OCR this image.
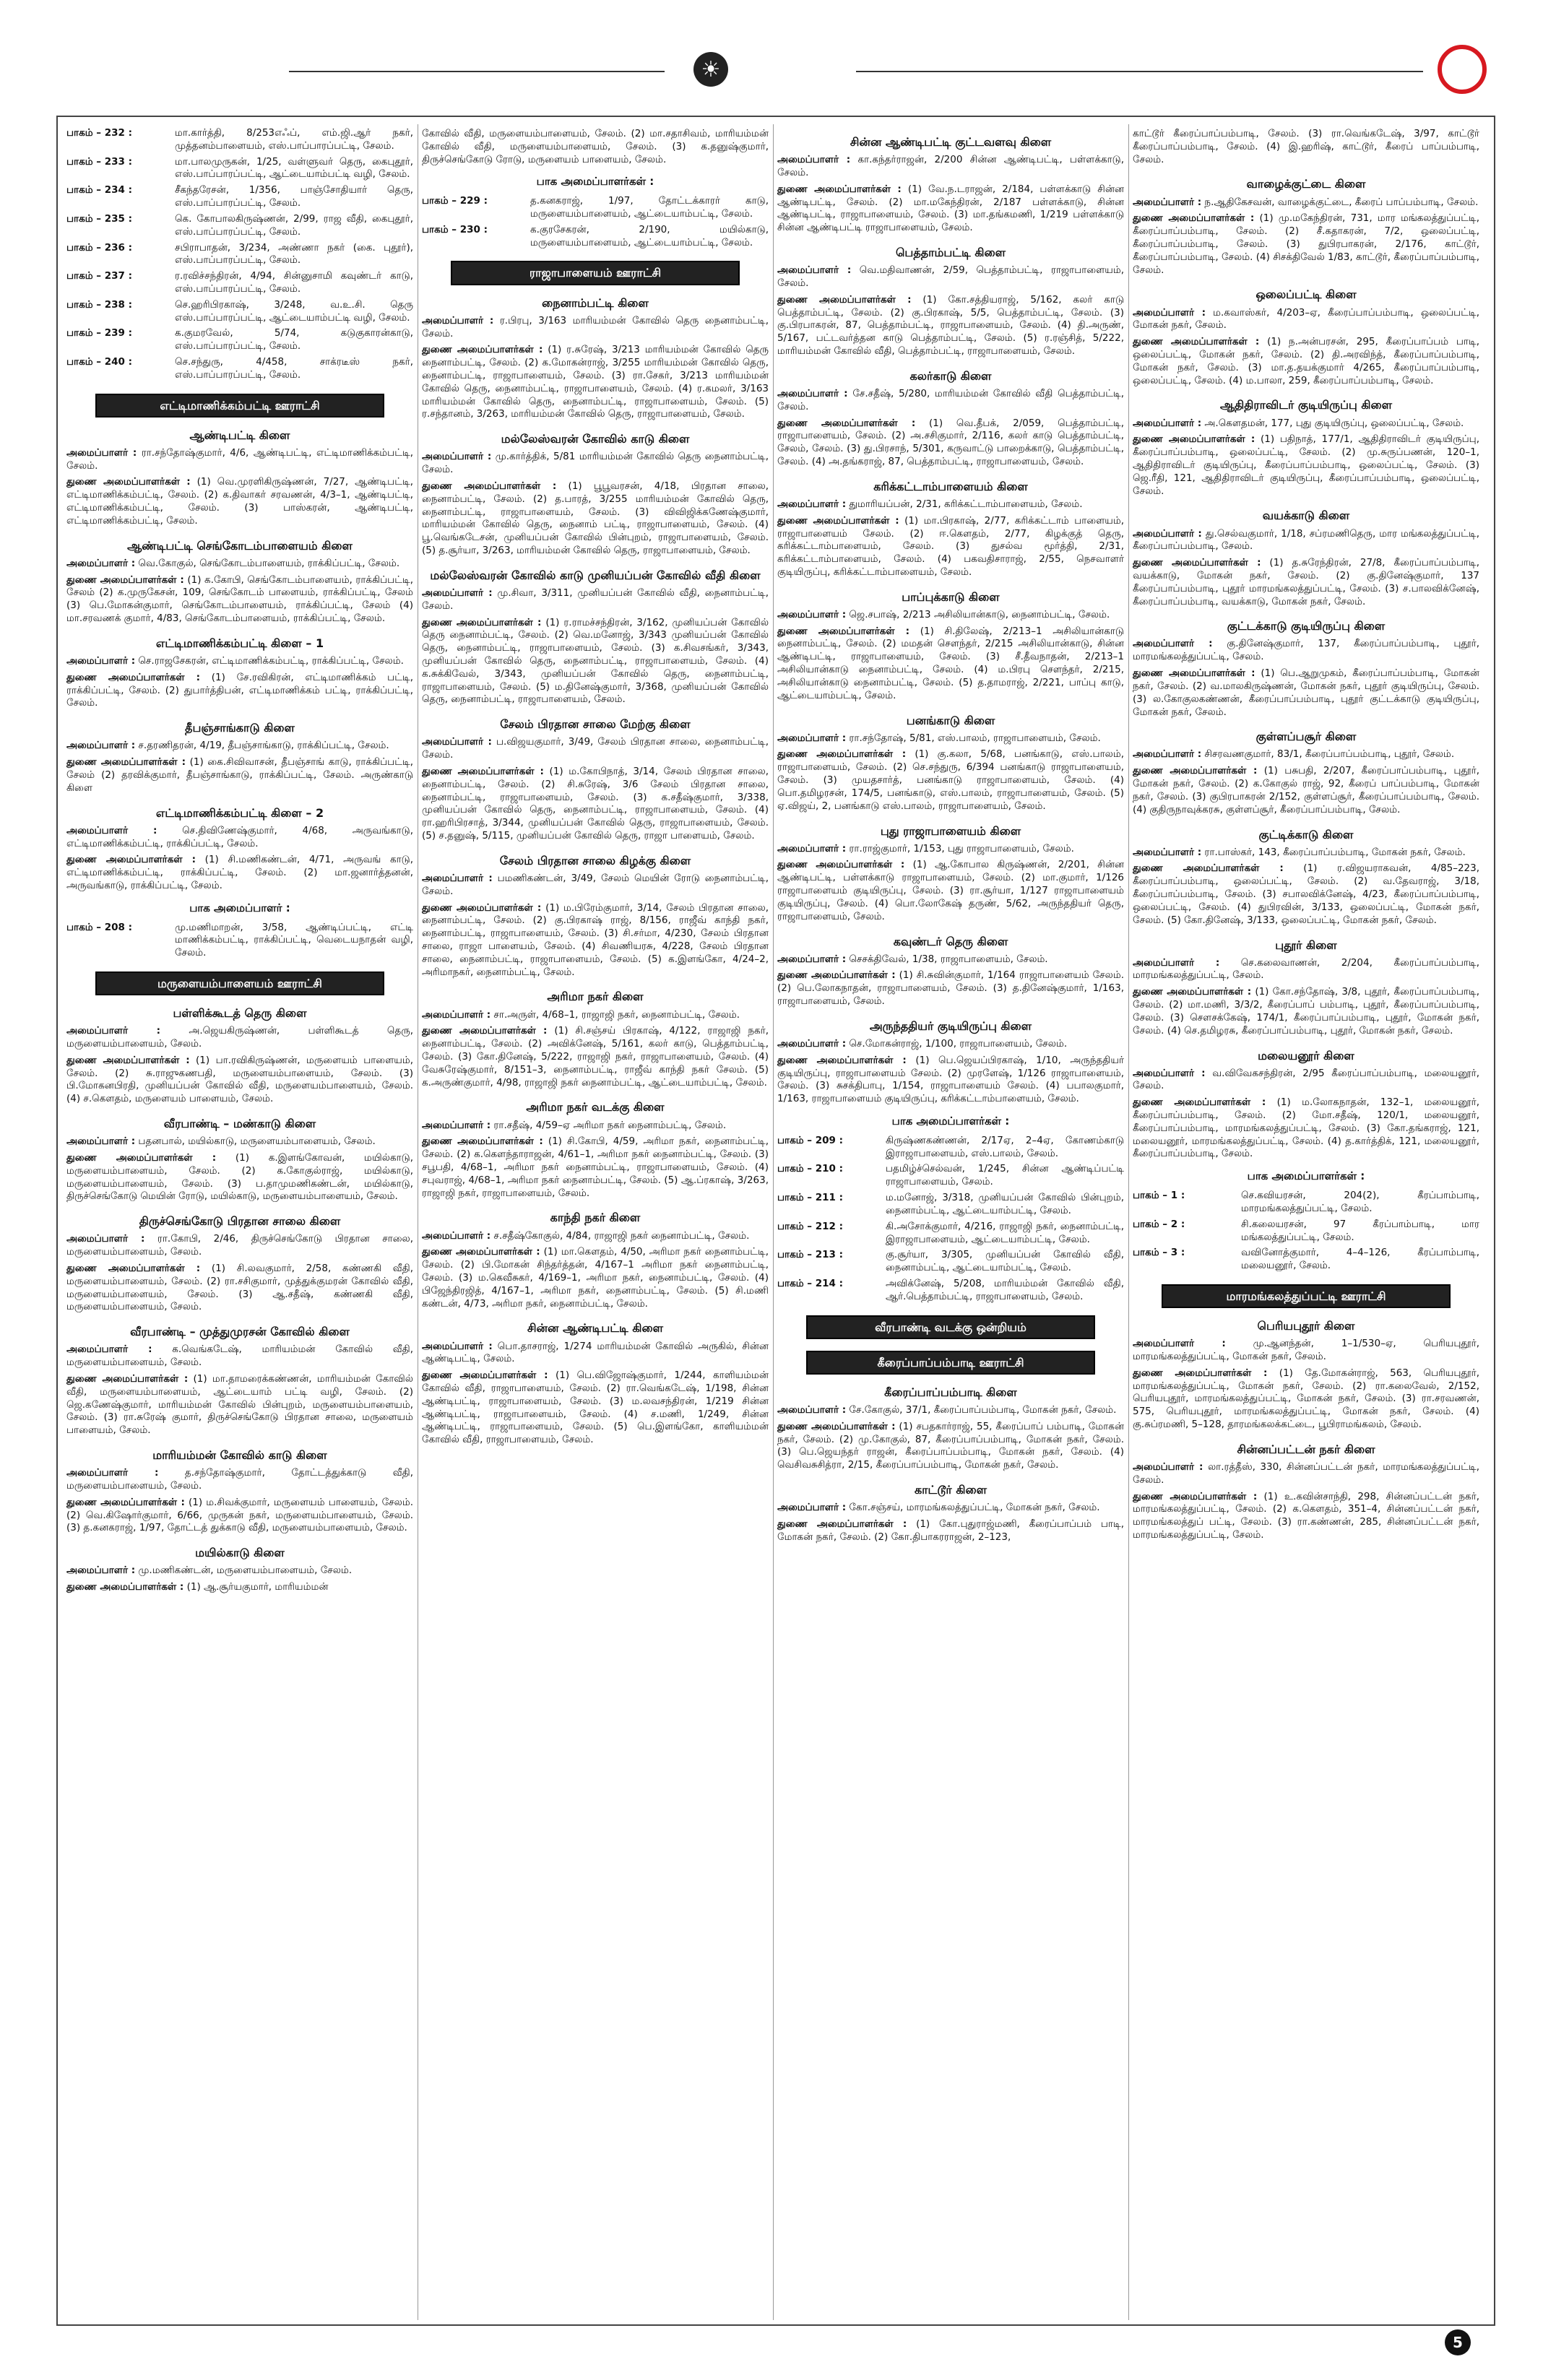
☀
பாகம் – 232 :	மா.கார்த்தி, 8/253எஃப், எம்.ஜி.ஆர் நகர், முத்தனம்பாளையம், எஸ்.பாப்பாரப்பட்டி, சேலம்.
பாகம் – 233 :	மா.பாலமுருகன், 1/25, வள்ளுவர் தெரு, கைபுதூர், எஸ்.பாப்பாரப்பட்டி, ஆட்டையாம்பட்டி வழி, சேலம்.
பாகம் – 234 :	சீகந்தரேசன், 1/356, பாஞ்சோதியார் தெரு, எஸ்.பாப்பாரப்பட்டி, சேலம்.
பாகம் – 235 :	கெ. கோபாலகிருஷ்ணன், 2/99, ராஜ வீதி, கைபுதூர், எஸ்.பாப்பாரப்பட்டி, சேலம்.
பாகம் – 236 :	சபிராபாதன், 3/234, அண்ணா நகர் (கை. புதூர்), எஸ்.பாப்பாரப்பட்டி, சேலம்.
பாகம் – 237 :	ர.ரவிச்சந்திரன், 4/94, சின்னுசாமி கவுண்டர் காடு, எஸ்.பாப்பாரப்பட்டி, சேலம்.
பாகம் – 238 :	செ.ஹரிபிரகாஷ், 3/248, வ.உ.சி. தெரு எஸ்.பாப்பாரப்பட்டி, ஆட்டையாம்பட்டி வழி, சேலம்.
பாகம் – 239 :	க.குமரவேல், 5/74, கடுகுகாரன்காடு, எஸ்.பாப்பாரப்பட்டி, சேலம்.
பாகம் – 240 :	செ.சந்துரு, 4/458, சாக்ரடீஸ் நகர், எஸ்.பாப்பாரப்பட்டி, சேலம்.
எட்டிமாணிக்கம்பட்டி ஊராட்சி
ஆண்டிபட்டி கிளை
அமைப்பாளர் : ரா.சந்தோஷ்குமார், 4/6, ஆண்டிபட்டி, எட்டிமாணிக்கம்பட்டி, சேலம்.
துணை அமைப்பாளர்கள் : (1) வெ.முரளிகிருஷ்ணன், 7/27, ஆண்டிபட்டி, எட்டிமாணிக்கம்பட்டி, சேலம். (2) க.திவாகர் சரவணன், 4/3–1, ஆண்டிபட்டி, எட்டிமாணிக்கம்பட்டி, சேலம். (3) பாஸ்கரன், ஆண்டிபட்டி, எட்டிமாணிக்கம்பட்டி, சேலம்.
ஆண்டிபட்டி செங்கோடம்பாளையம் கிளை
அமைப்பாளர் : வெ.கோகுல், செங்கோடம்பாளையம், ராக்கிப்பட்டி, சேலம்.
துணை அமைப்பாளர்கள் : (1) க.கோபி, செங்கோடம்பாளையம், ராக்கிப்பட்டி, சேலம் (2) க.முருகேசன், 109, செங்கோடம் பாளையம், ராக்கிப்பட்டி, சேலம் (3) பெ.மோகன்குமார், செங்கோடம்பாளையம், ராக்கிப்பட்டி, சேலம் (4) மா.சரவணக் குமார், 4/83, செங்கோடம்பாளையம், ராக்கிப்பட்டி, சேலம்.
எட்டிமாணிக்கம்பட்டி கிளை – 1
அமைப்பாளர் : செ.ராஜசேகரன், எட்டிமாணிக்கம்பட்டி, ராக்கிப்பட்டி, சேலம்.
துணை அமைப்பாளர்கள் : (1) சே.ரவிகிரன், எட்டிமாணிக்கம் பட்டி, ராக்கிப்பட்டி, சேலம். (2) துபார்த்திபன், எட்டிமாணிக்கம் பட்டி, ராக்கிப்பட்டி, சேலம்.
தீபஞ்சாங்காடு கிளை
அமைப்பாளர் : ச.தரணிதரன், 4/19, தீபஞ்சாங்காடு, ராக்கிப்பட்டி, சேலம்.
துணை அமைப்பாளர்கள் : (1) கை.சிவிவாசன், தீபஞ்சாங் காடு, ராக்கிப்பட்டி, சேலம் (2) தரவிக்குமார், தீபஞ்சாங்காடு, ராக்கிப்பட்டி, சேலம். அருண்காடு கிளை
எட்டிமாணிக்கம்பட்டி கிளை – 2
அமைப்பாளர் :	செ.திவிணேஷ்குமார், 4/68, அருவங்காடு, எட்டிமாணிக்கம்பட்டி, ராக்கிப்பட்டி, சேலம்.
துணை அமைப்பாளர்கள் : (1) சி.மணிகண்டன், 4/71, அருவங் காடு, எட்டிமாணிக்கம்பட்டி, ராக்கிப்பட்டி, சேலம். (2) மா.ஜனார்த்தனன், அருவங்காடு, ராக்கிப்பட்டி, சேலம்.
பாக அமைப்பாளர் :
பாகம் – 208 :	மு.மணிமாறன், 3/58, ஆண்டிப்பட்டி, எட்டி மாணிக்கம்பட்டி, ராக்கிப்பட்டி, வெடையநாதன் வழி, சேலம்.
மருளையம்பாளையம் ஊராட்சி
பள்ளிக்கூடத் தெரு கிளை
அமைப்பாளர் :	அ.ஜெயகிருஷ்ணன், பள்ளிகூடத் தெரு, மருளையம்பாளையம், சேலம்.
துணை அமைப்பாளர்கள் : (1) பா.ரவிகிருஷ்ணன், மருளையம் பாளையம், சேலம். (2) சு.ராஜுகணபதி, மருளையம்பாளையம், சேலம். (3) பி.மோகனபிரதி, முனியப்பன் கோவில் வீதி, மருளையம்பாளையம், சேலம். (4) ச.கௌதம், மருளையம் பாளையம், சேலம்.
வீரபாண்டி – மண்காடு கிளை
அமைப்பாளர் : பதனபால், மயில்காடு, மருளையம்பாளையம், சேலம்.
துணை அமைப்பாளர்கள் : (1) க.இளங்கோவன், மயில்காடு, மருளையம்பாளையம், சேலம். (2) க.கோகுல்ராஜ், மயில்காடு, மருளையம்பாளையம், சேலம். (3) ப.தாமுமணிகண்டன், மயில்காடு, திருச்செங்கோடு மெயின் ரோடு, மயில்காடு, மருளையம்பாளையம், சேலம்.
திருச்செங்கோடு பிரதான சாலை கிளை
அமைப்பாளர் : ரா.கோபி, 2/46, திருச்செங்கோடு பிரதான சாலை, மருளையம்பாளையம், சேலம்.
துணை அமைப்பாளர்கள் : (1) சி.லவகுமார், 2/58, கண்ணகி வீதி, மருளையம்பாளையம், சேலம். (2) ரா.சசிகுமார், முத்துக்குமரன் கோவில் வீதி, மருளையம்பாளையம், சேலம். (3) ஆ.சதீஷ், கண்ணகி வீதி, மருளையம்பாளையம், சேலம்.
வீரபாண்டி – முத்துமுரசன் கோவில் கிளை
அமைப்பாளர் : க.வெங்கடேஷ், மாரியம்மன் கோவில் வீதி, மருளையம்பாளையம், சேலம்.
துணை அமைப்பாளர்கள் : (1) மா.தாமரைக்கண்ணன், மாரியம்மன் கோவில் வீதி, மருளையம்பாளையம், ஆட்டையாம் பட்டி வழி, சேலம். (2) ஜெ.கணேஷ்குமார், மாரியம்மன் கோவில் பின்புறம், மருளையம்பாளையம், சேலம். (3) ரா.சுரேஷ் குமார், திருச்செங்கோடு பிரதான சாலை, மருளையம் பாளையம், சேலம்.
மாரியம்மன் கோவில் காடு கிளை
அமைப்பாளர் :	த.சந்தோஷ்குமார், தோட்டத்துக்காடு வீதி, மருளையம்பாளையம், சேலம்.
துணை அமைப்பாளர்கள் : (1) ம.சிவக்குமார், மருளையம் பாளையம், சேலம். (2) வெ.கிஷோர்குமார், 6/66, முருகன் நகர், மருளையம்பாளையம், சேலம். (3) த.கனகராஜ், 1/97, தோட்டத் துக்காடு வீதி, மருளையம்பாளையம், சேலம்.
மயில்காடு கிளை
அமைப்பாளர் : மு.மணிகண்டன், மருளையம்பாளையம், சேலம்.
துணை அமைப்பாளர்கள் : (1) ஆ.சூர்யகுமார், மாரியம்மன்
கோவில் வீதி, மருளையம்பாளையம், சேலம். (2) மா.சதாசிவம், மாரியம்மன் கோவில் வீதி, மருளையம்பாளையம், சேலம். (3) க.தனுஷ்குமார், திருச்செங்கோடு ரோடு, மருளையம் பாளையம், சேலம்.
பாக அமைப்பாளர்கள் :
பாகம் – 229 :	த.கனகராஜ், 1/97, தோட்டக்காரர் காடு, மருளையம்பாளையம், ஆட்டையாம்பட்டி, சேலம்.
பாகம் – 230 :	க.குரசேகரன், 2/190, மயில்காடு, மருளையம்பாளையம், ஆட்டையாம்பட்டி, சேலம்.
ராஜாபாளையம் ஊராட்சி
நைனாம்பட்டி கிளை
அமைப்பாளர் : ர.பிரபு, 3/163 மாரியம்மன் கோவில் தெரு நைனாம்பட்டி, சேலம்.
துணை அமைப்பாளர்கள் : (1) ர.சுரேஷ், 3/213 மாரியம்மன் கோவில் தெரு நைனாம்பட்டி, சேலம். (2) க.மோகன்ராஜ், 3/255 மாரியம்மன் கோவில் தெரு, நைனாம்பட்டி, ராஜாபாளையம், சேலம். (3) ரா.சேகர், 3/213 மாரியம்மன் கோவில் தெரு, நைனாம்பட்டி, ராஜாபாளையம், சேலம். (4) ர.கமலர், 3/163 மாரியம்மன் கோவில் தெரு, நைனாம்பட்டி, ராஜாபாளையம், சேலம். (5) ர.சந்தானம், 3/263, மாரியம்மன் கோவில் தெரு, ராஜாபாளையம், சேலம்.
மல்லேஸ்வரன் கோவில் காடு கிளை
அமைப்பாளர் : மு.கார்த்திக், 5/81 மாரியம்மன் கோவில் தெரு நைனாம்பட்டி, சேலம்.
துணை அமைப்பாளர்கள் : (1) பூபூவரசன், 4/18, பிரதான சாலை, நைனாம்பட்டி, சேலம். (2) த.பாரத், 3/255 மாரியம்மன் கோவில் தெரு, நைனாம்பட்டி, ராஜாபாளையம், சேலம். (3) விவிஜிக்கணேஷ்குமார், மாரியம்மன் கோவில் தெரு, நைனாம் பட்டி, ராஜாபாளையம், சேலம். (4) பூ.வெங்கடேசன், முனியப்பன் கோவில் பின்புறம், ராஜாபாளையம், சேலம். (5) த.சூர்யா, 3/263, மாரியம்மன் கோவில் தெரு, ராஜாபாளையம், சேலம்.
மல்லேஸ்வரன் கோவில் காடு முனியப்பன் கோவில் வீதி கிளை
அமைப்பாளர் : மு.சிவா, 3/311, முனியப்பன் கோவில் வீதி, நைனாம்பட்டி, சேலம்.
துணை அமைப்பாளர்கள் : (1) ர.ராமச்சந்திரன், 3/162, முனியப்பன் கோவில் தெரு நைனாம்பட்டி, சேலம். (2) வெ.மனோஜ், 3/343 முனியப்பன் கோவில் தெரு, நைனாம்பட்டி, ராஜாபாளையம், சேலம். (3) க.சிவசங்கர், 3/343, முனியப்பன் கோவில் தெரு, நைனாம்பட்டி, ராஜாபாளையம், சேலம். (4) க.சுக்கிவேல், 3/343, முனியப்பன் கோவில் தெரு, நைனாம்பட்டி, ராஜாபாளையம், சேலம். (5) ம.தினேஷ்குமார், 3/368, முனியப்பன் கோவில் தெரு, நைனாம்பட்டி, ராஜாபாளையம், சேலம்.
சேலம் பிரதான சாலை மேற்கு கிளை
அமைப்பாளர் : ப.விஜயகுமார், 3/49, சேலம் பிரதான சாலை, நைனாம்பட்டி, சேலம்.
துணை அமைப்பாளர்கள் : (1) ம.கோபிநாத், 3/14, சேலம் பிரதான சாலை, நைனாம்பட்டி, சேலம். (2) சி.சுரேஷ், 3/6 சேலம் பிரதான சாலை, நைனாம்பட்டி, ராஜாபாளையம், சேலம். (3) க.சதீஷ்குமார், 3/338, முனியப்பன் கோவில் தெரு, நைனாம்பட்டி, ராஜாபாளையம், சேலம். (4) ரா.ஹரிபிரசாத், 3/344, முனியப்பன் கோவில் தெரு, ராஜாபாளையம், சேலம். (5) ச.தனுஷ், 5/115, முனியப்பன் கோவில் தெரு, ராஜா பாளையம், சேலம்.
சேலம் பிரதான சாலை கிழக்கு கிளை
அமைப்பாளர் : பமணிகண்டன், 3/49, சேலம் மெயின் ரோடு நைனாம்பட்டி, சேலம்.
துணை அமைப்பாளர்கள் : (1) ம.பிரேம்குமார், 3/14, சேலம் பிரதான சாலை, நைனாம்பட்டி, சேலம். (2) கு.பிரகாஷ் ராஜ், 8/156, ராஜீவ் காந்தி நகர், நைனாம்பட்டி, ராஜாபாளையம், சேலம். (3) சி.சர்மா, 4/230, சேலம் பிரதான சாலை, ராஜா பாளையம், சேலம். (4) சிவணியரசு, 4/228, சேலம் பிரதான சாலை, நைனாம்பட்டி, ராஜாபாளையம், சேலம். (5) க.இளங்கோ, 4/24–2, அரிமாநகர், நைனாம்பட்டி, சேலம்.
அரிமா நகர் கிளை
அமைப்பாளர் : சா.அருள், 4/68–1, ராஜாஜி நகர், நைனாம்பட்டி, சேலம்.
துணை அமைப்பாளர்கள் : (1) சி.சஞ்சய் பிரகாஷ், 4/122, ராஜாஜி நகர், நைனாம்பட்டி, சேலம். (2) அவிக்னேஷ், 5/161, கலர் காடு, பெத்தாம்பட்டி, சேலம். (3) கோ.தினேஷ், 5/222, ராஜாஜி நகர், ராஜாபாளையம், சேலம். (4) வேசுரேஷ்குமார், 8/151–3, நைனாம்பட்டி, ராஜீவ் காந்தி நகர் சேலம். (5) க.அருண்குமார், 4/98, ராஜாஜி நகர் நைனாம்பட்டி, ஆட்டையாம்பட்டி, சேலம்.
அரிமா நகர் வடக்கு கிளை
அமைப்பாளர் : ரா.சதீஷ், 4/59–ஏ அரிமா நகர் நைனாம்பட்டி, சேலம்.
துணை அமைப்பாளர்கள் : (1) சி.கோபி, 4/59, அரிமா நகர், நைனாம்பட்டி, சேலம். (2) க.கௌந்தாராஜன், 4/61–1, அரிமா நகர் நைனாம்பட்டி, சேலம். (3) சபூபதி, 4/68–1, அரிமா நகர் நைனாம்பட்டி, ராஜாபாளையம், சேலம். (4) சபுவராஜ், 4/68–1, அரிமா நகர் நைனாம்பட்டி, சேலம். (5) ஆ.ப்ரகாஷ், 3/263, ராஜாஜி நகர், ராஜாபாளையம், சேலம்.
காந்தி நகர் கிளை
அமைப்பாளர் : ச.சதீஷ்கோகுல், 4/84, ராஜாஜி நகர் நைனாம்பட்டி, சேலம்.
துணை அமைப்பாளர்கள் : (1) மா.கௌதம், 4/50, அரிமா நகர் நைனாம்பட்டி, சேலம். (2) பி.மோகன் சிந்தர்த்தன், 4/167–1 அரிமா நகர் நைனாம்பட்டி, சேலம். (3) ம.கெவீசுகர், 4/169–1, அரிமா நகர், நைனாம்பட்டி, சேலம். (4) பிஜேந்திரஜித், 4/167–1, அரிமா நகர், நைனாம்பட்டி, சேலம். (5) சி.மணி கண்டன், 4/73, அரிமா நகர், நைனாம்பட்டி, சேலம்.
சின்ன ஆண்டிபட்டி கிளை
அமைப்பாளர் : பொ.தாசராஜ், 1/274 மாரியம்மன் கோவில் அருகில், சின்ன ஆண்டிபட்டி, சேலம்.
துணை அமைப்பாளர்கள் : (1) பெ.விஜோஷ்குமார், 1/244, காளியம்மன் கோவில் வீதி, ராஜாபாளையம், சேலம். (2) ரா.வெங்கடேஷ், 1/198, சின்ன ஆண்டிபட்டி, ராஜாபாளையம், சேலம். (3) ம.லவசந்திரன், 1/219 சின்ன ஆண்டிபட்டி, ராஜாபாளையம், சேலம். (4) ச.மணி, 1/249, சின்ன ஆண்டிபட்டி, ராஜாபாளையம், சேலம். (5) பெ.இளங்கோ, காளியம்மன் கோவில் வீதி, ராஜாபாளையம், சேலம்.
சின்ன ஆண்டிபட்டி குட்டவளவு கிளை
அமைப்பாளர் : கா.கந்தர்ராஜன், 2/200 சின்ன ஆண்டிபட்டி, பள்ளக்காடு, சேலம்.
துணை அமைப்பாளர்கள் : (1) வே.ந.டராஜன், 2/184, பள்ளக்காடு சின்ன ஆண்டிபட்டி, சேலம். (2) மா.மகேந்திரன், 2/187 பள்ளக்காடு, சின்ன ஆண்டிபட்டி, ராஜாபாளையம், சேலம். (3) மா.தங்கமணி, 1/219 பள்ளக்காடு சின்ன ஆண்டிபட்டி ராஜாபாளையம், சேலம்.
பெத்தாம்பட்டி கிளை
அமைப்பாளர் : வெ.மதிவாணன், 2/59, பெத்தாம்பட்டி, ராஜாபாளையம், சேலம்.
துணை அமைப்பாளர்கள் : (1) கோ.சத்தியராஜ், 5/162, கலர் காடு பெத்தாம்பட்டி, சேலம். (2) கு.பிரகாஷ், 5/5, பெத்தாம்பட்டி, சேலம். (3) கு.பிரபாகரன், 87, பெத்தாம்பட்டி, ராஜாபாளையம், சேலம். (4) தி.அருண், 5/167, பட்டவர்த்தன காடு பெத்தாம்பட்டி, சேலம். (5) ர.ரஞ்சித், 5/222, மாரியம்மன் கோவில் வீதி, பெத்தாம்பட்டி, ராஜாபாளையம், சேலம்.
கலர்காடு கிளை
அமைப்பாளர் : சே.சதீஷ், 5/280, மாரியம்மன் கோவில் வீதி பெத்தாம்பட்டி, சேலம்.
துணை அமைப்பாளர்கள் : (1) வெ.தீபக், 2/059, பெத்தாம்பட்டி, ராஜாபாளையம், சேலம். (2) அ.சசிகுமார், 2/116, கலர் காடு பெத்தாம்பட்டி, சேலம், சேலம். (3) து.பிரசாந், 5/301, கருவாட்டு பாறைக்காடு, பெத்தாம்பட்டி, சேலம். (4) அ.தங்கராஜ், 87, பெத்தாம்பட்டி, ராஜாபாளையம், சேலம்.
கரிக்கட்டாம்பாளையம் கிளை
அமைப்பாளர் : துமாரியப்பன், 2/31, கரிக்கட்டாம்பாளையம், சேலம்.
துணை அமைப்பாளர்கள் : (1) மா.பிரகாஷ், 2/77, கரிக்கட்டாம் பாளையம், ராஜாபாளையம் சேலம். (2) ஈ.கௌதம், 2/77, கிழக்குத் தெரு, கரிக்கட்டாம்பாளையம், சேலம். (3) துசல்வ மூர்த்தி, 2/31, கரிக்கட்டாம்பாளையம், சேலம். (4) பகவதிசாராஜ், 2/55, நெசவாளர் குடியிருப்பு, கரிக்கட்டாம்பாளையம், சேலம்.
பாப்புக்காடு கிளை
அமைப்பாளர் : ஜெ.சபாஷ், 2/213 அசிலியான்காடு, நைனாம்பட்டி, சேலம்.
துணை அமைப்பாளர்கள் : (1) சி.திலேஷ், 2/213–1 அசிலியான்காடு நைனாம்பட்டி, சேலம். (2) மமதன் சௌந்தர், 2/215 அசிலியான்காடு, சின்ன ஆண்டிபட்டி, ராஜாபாளையம், சேலம். (3) சீ.தீவநாதன், 2/213–1 அசிலியான்காடு நைனாம்பட்டி, சேலம். (4) ம.பிரபு சௌந்தர், 2/215, அசிலியான்காடு நைனாம்பட்டி, சேலம். (5) த.தாமராஜ், 2/221, பாப்பு காடு, ஆட்டையாம்பட்டி, சேலம்.
பனங்காடு கிளை
அமைப்பாளர் : ரா.சந்தோஷ், 5/81, எஸ்.பாலம், ராஜாபாளையம், சேலம்.
துணை அமைப்பாளர்கள் : (1) கு.கலா, 5/68, பனங்காடு, எஸ்.பாலம், ராஜாபாளையம், சேலம். (2) செ.சந்துரு, 6/394 பனங்காடு ராஜாபாளையம், சேலம். (3) முயதசார்த், பனங்காடு ராஜாபாளையம், சேலம். (4) பொ.தமிழரசன், 174/5, பனங்காடு, எஸ்.பாலம், ராஜாபாளையம், சேலம். (5) ஏ.விஜய், 2, பனங்காடு எஸ்.பாலம், ராஜாபாளையம், சேலம்.
புது ராஜாபாளையம் கிளை
அமைப்பாளர் : ரா.ராஜ்குமார், 1/153, புது ராஜாபாளையம், சேலம்.
துணை அமைப்பாளர்கள் : (1) ஆ.கோபால கிருஷ்ணன், 2/201, சின்ன ஆண்டிபட்டி, பள்ளக்காடு ராஜாபாளையம், சேலம். (2) மா.குமார், 1/126 ராஜாபாளையம் குடியிருப்பு, சேலம். (3) ரா.சூர்யா, 1/127 ராஜாபாளையம் குடியிருப்பு, சேலம். (4) பொ.லோகேஷ் தருண், 5/62, அருந்ததியர் தெரு, ராஜாபாளையம், சேலம்.
கவுண்டர் தெரு கிளை
அமைப்பாளர் : செசக்திவேல், 1/38, ராஜாபாளையம், சேலம்.
துணை அமைப்பாளர்கள் : (1) சி.சுவின்குமார், 1/164 ராஜாபாளையம் சேலம். (2) பெ.லோகநாதன், ராஜாபாளையம், சேலம். (3) த.தினேஷ்குமார், 1/163, ராஜாபாளையம், சேலம்.
அருந்ததியர் குடியிருப்பு கிளை
அமைப்பாளர் : செ.மோகன்ராஜ், 1/100, ராஜாபாளையம், சேலம்.
துணை அமைப்பாளர்கள் : (1) பெ.ஜெயப்பிரகாஷ், 1/10, அருந்ததியர் குடியிருப்பு, ராஜாபாளையம் சேலம். (2) முரளேஷ், 1/126 ராஜாபாளையம், சேலம். (3) சுசக்திபாபு, 1/154, ராஜாபாளையம் சேலம். (4) பபாலகுமார், 1/163, ராஜாபாளையம் குடியிருப்பு, கரிக்கட்டாம்பாளையம், சேலம்.
பாக அமைப்பாளர்கள் :
பாகம் – 209 :	கிருஷ்ணகண்ணன், 2/17ஏ, 2–4ஏ, கோணம்காடு இராஜாபாளையம், எஸ்.பாலம், சேலம்.
பாகம் – 210 :	பதமிழ்ச்செல்வன், 1/245, சின்ன ஆண்டிப்பட்டி ராஜாபாளையம், சேலம்.
பாகம் – 211 :	ம.மனோஜ், 3/318, முனியப்பன் கோவில் பின்புறம், நைனாம்பட்டி, ஆட்டையாம்பட்டி, சேலம்.
பாகம் – 212 :	கி.அசோக்குமார், 4/216, ராஜாஜி நகர், நைனாம்பட்டி, இராஜாபாளையம், ஆட்டையாம்பட்டி, சேலம்.
பாகம் – 213 :	கு.சூர்யா, 3/305, முனியப்பன் கோவில் வீதி, நைனாம்பட்டி, ஆட்டையாம்பட்டி, சேலம்.
பாகம் – 214 :	அவிக்னேஷ், 5/208, மாரியம்மன் கோவில் வீதி, ஆர்.பெத்தாம்பட்டி, ராஜாபாளையம், சேலம்.
வீரபாண்டி வடக்கு ஒன்றியம்
கீரைப்பாப்பம்பாடி ஊராட்சி
கீரைப்பாப்பம்பாடி கிளை
அமைப்பாளர் : சே.கோகுல், 37/1, கீரைப்பாப்பம்பாடி, மோகன் நகர், சேலம்.
துணை அமைப்பாளர்கள் : (1) சபதகார்ராஜ், 55, கீரைப்பாப் பம்பாடி, மோகன் நகர், சேலம். (2) மு.கோகுல், 87, கீரைப்பாப்பம்பாடி, மோகன் நகர், சேலம். (3) பெ.ஜெயந்தர் ராஜன், கீரைப்பாப்பம்பாடி, மோகன் நகர், சேலம். (4) வெசிவசுசித்ரா, 2/15, கீரைப்பாப்பம்பாடி, மோகன் நகர், சேலம்.
காட்டூர் கிளை
அமைப்பாளர் : கோ.சஞ்சய், மாரமங்கலத்துப்பட்டி, மோகன் நகர், சேலம்.
துணை அமைப்பாளர்கள் : (1) கோ.புதுராஜ்மணி, கீரைப்பாப்பம் பாடி, மோகன் நகர், சேலம். (2) கோ.திபாகரராஜன், 2–123,
காட்டூர் கீரைப்பாப்பம்பாடி, சேலம். (3) ரா.வெங்கடேஷ், 3/97, காட்டூர் கீரைப்பாப்பம்பாடி, சேலம். (4) இ.ஹரிஷ், காட்டூர், கீரைப் பாப்பம்பாடி, சேலம்.
வாழைக்குட்டை கிளை
அமைப்பாளர் : ந.ஆதிகேசவன், வாழைக்குட்டை, கீரைப் பாப்பம்பாடி, சேலம்.
துணை அமைப்பாளர்கள் : (1) மு.மகேந்திரன், 731, மார மங்கலத்துப்பட்டி, கீரைப்பாப்பம்பாடி, சேலம். (2) சீ.கதாகரன், 7/2, ஒலைப்பட்டி, கீரைப்பாப்பம்பாடி, சேலம். (3) துபிரபாகரன், 2/176, காட்டூர், கீரைப்பாப்பம்பாடி, சேலம். (4) சிசக்திவேல் 1/83, காட்டூர், கீரைப்பாப்பம்பாடி, சேலம்.
ஒலைப்பட்டி கிளை
அமைப்பாளர் : ம.கவாஸ்கர், 4/203–ஏ, கீரைப்பாப்பம்பாடி, ஒலைப்பட்டி, மோகன் நகர், சேலம்.
துணை அமைப்பாளர்கள் : (1) ந.அன்பரசன், 295, கீரைப்பாப்பம் பாடி, ஒலைப்பட்டி, மோகன் நகர், சேலம். (2) தி.அரவிந்த், கீரைப்பாப்பம்பாடி, மோகன் நகர், சேலம். (3) மா.த.தயக்குமார் 4/265, கீரைப்பாப்பம்பாடி, ஒலைப்பட்டி, சேலம். (4) ம.பாலா, 259, கீரைப்பாப்பம்பாடி, சேலம்.
ஆதிதிராவிடர் குடியிருப்பு கிளை
அமைப்பாளர் : அ.கௌதமன், 177, புது குடியிருப்பு, ஒலைப்பட்டி, சேலம்.
துணை அமைப்பாளர்கள் : (1) பதிநாத், 177/1, ஆதிதிராவிடர் குடியிருப்பு, கீரைப்பாப்பம்பாடி, ஒலைப்பட்டி, சேலம். (2) மு.சுருப்பணன், 120–1, ஆதிதிராவிடர் குடியிருப்பு, கீரைப்பாப்பம்பாடி, ஒலைப்பட்டி, சேலம். (3) ஜெ.ரீதி, 121, ஆதிதிராவிடர் குடியிருப்பு, கீரைப்பாப்பம்பாடி, ஒலைப்பட்டி, சேலம்.
வயக்காடு கிளை
அமைப்பாளர் : து.செல்வகுமார், 1/18, சப்ரமணிதெரு, மார மங்கலத்துப்பட்டி, கீரைப்பாப்பம்பாடி, சேலம்.
துணை அமைப்பாளர்கள் : (1) த.சுரேந்திரன், 27/8, கீரைப்பாப்பம்பாடி, வயக்காடு, மோகன் நகர், சேலம். (2) கு.தினேஷ்குமார், 137 கீரைப்பாப்பம்பாடி, புதூர் மாரமங்கலத்துப்பட்டி, சேலம். (3) ச.பாலவிக்னேஷ், கீரைப்பாப்பம்பாடி, வயக்காடு, மோகன் நகர், சேலம்.
குட்டக்காடு குடியிருப்பு கிளை
அமைப்பாளர் : கு.தினேஷ்குமார், 137, கீரைப்பாப்பம்பாடி, புதூர், மாரமங்கலத்துப்பட்டி, சேலம்.
துணை அமைப்பாளர்கள் : (1) பெ.ஆறுமுகம், கீரைப்பாப்பம்பாடி, மோகன் நகர், சேலம். (2) வ.மாலகிருஷ்ணன், மோகன் நகர், புதூர் குடியிருப்பு, சேலம். (3) ல.கோகுலகண்ணன், கீரைப்பாப்பம்பாடி, புதூர் குட்டக்காடு குடியிருப்பு, மோகன் நகர், சேலம்.
குள்ளப்பசூர் கிளை
அமைப்பாளர் : சிசரவணகுமார், 83/1, கீரைப்பாப்பம்பாடி, புதூர், சேலம்.
துணை அமைப்பாளர்கள் : (1) பசுபதி, 2/207, கீரைப்பாப்பம்பாடி, புதூர், மோகன் நகர், சேலம். (2) க.கோகுல் ராஜ், 92, கீரைப் பாப்பம்பாடி, மோகன் நகர், சேலம். (3) குபிரபாகரன் 2/152, குள்ளப்சூர், கீரைப்பாப்பம்பாடி, சேலம். (4) குதிருநாவுக்கரசு, குள்ளப்சூர், கீரைப்பாப்பம்பாடி, சேலம்.
குட்டிக்காடு கிளை
அமைப்பாளர் : ரா.பாஸ்கர், 143, கீரைப்பாப்பம்பாடி, மோகன் நகர், சேலம்.
துணை அமைப்பாளர்கள் : (1) ர.விஜயராகவன், 4/85–223, கீரைப்பாப்பம்பாடி, ஒலைப்பட்டி, சேலம். (2) வ.தேவராஜ், 3/18, கீரைப்பாப்பம்பாடி, சேலம். (3) சபாலவிக்னேஷ், 4/23, கீரைப்பாப்பம்பாடி, ஒலைப்பட்டி, சேலம். (4) துபிரவின், 3/133, ஒலைப்பட்டி, மோகன் நகர், சேலம். (5) கோ.தினேஷ், 3/133, ஒலைப்பட்டி, மோகன் நகர், சேலம்.
புதூர் கிளை
அமைப்பாளர் : செ.கலைவாணன், 2/204, கீரைப்பாப்பம்பாடி, மாரமங்கலத்துப்பட்டி, சேலம்.
துணை அமைப்பாளர்கள் : (1) கோ.சந்தோஷ், 3/8, புதூர், கீரைப்பாப்பம்பாடி, சேலம். (2) மா.மணி, 3/3/2, கீரைப்பாப் பம்பாடி, புதூர், கீரைப்பாப்பம்பாடி, சேலம். (3) சௌசக்கேஷ், 174/1, கீரைப்பாப்பம்பாடி, புதூர், மோகன் நகர், சேலம். (4) செ.தமிழரசு, கீரைப்பாப்பம்பாடி, புதூர், மோகன் நகர், சேலம்.
மலையனூர் கிளை
அமைப்பாளர் : வ.விவேகசந்திரன், 2/95 கீரைப்பாப்பம்பாடி, மலையனூர், சேலம்.
துணை அமைப்பாளர்கள் : (1) ம.லோகநாதன், 132–1, மலையனூர், கீரைப்பாப்பம்பாடி, சேலம். (2) மோ.சதீஷ், 120/1, மலையனூர், கீரைப்பாப்பம்பாடி, மாரமங்கலத்துப்பட்டி, சேலம். (3) கோ.தங்கராஜ், 121, மலையனூர், மாரமங்கலத்துப்பட்டி, சேலம். (4) த.கார்த்திக், 121, மலையனூர், கீரைப்பாப்பம்பாடி, சேலம்.
பாக அமைப்பாளர்கள் :
பாகம் – 1 :	செ.கவியரசன், 204(2), கீரப்பாம்பாடி, மாரமங்கலத்துப்பட்டி, சேலம்.
பாகம் – 2 :	சி.கலையரசன், 97 கீரப்பாம்பாடி, மார மங்கலத்துப்பட்டி, சேலம்.
பாகம் – 3 :	வவினோத்குமார், 4–4–126, கீரப்பாம்பாடி, மலையனூர், சேலம்.
மாரமங்கலத்துப்பட்டி ஊராட்சி
பெரியபுதூர் கிளை
அமைப்பாளர் :	மு.ஆனந்தன், 1–1/530–ஏ, பெரியபுதூர், மாரமங்கலத்துப்பட்டி, மோகன் நகர், சேலம்.
துணை அமைப்பாளர்கள் : (1) தே.மோகன்ராஜ், 563, பெரியபுதூர், மாரமங்கலத்துப்பட்டி, மோகன் நகர், சேலம். (2) ரா.கலைவேல், 2/152, பெரியபுதூர், மாரமங்கலத்துப்பட்டி, மோகன் நகர், சேலம். (3) ரா.சரவணன், 575, பெரியபுதூர், மாரமங்கலத்துப்பட்டி, மோகன் நகர், சேலம். (4) கு.சுப்ரமணி, 5–128, தாரமங்கலக்கட்டை, பூபிராமங்கலம், சேலம்.
சின்னப்பட்டன் நகர் கிளை
அமைப்பாளர் : லா.ரத்தீஸ், 330, சின்னப்பட்டன் நகர், மாரமங்கலத்துப்பட்டி, சேலம்.
துணை அமைப்பாளர்கள் : (1) உ.கவின்சாந்தி, 298, சின்னப்பட்டன் நகர், மாரமங்கலத்துப்பட்டி, சேலம். (2) க.கௌதம், 351–4, சின்னப்பட்டன் நகர், மாரமங்கலத்துப் பட்டி, சேலம். (3) ரா.கண்ணன், 285, சின்னப்பட்டன் நகர், மாரமங்கலத்துப்பட்டி, சேலம்.
5
